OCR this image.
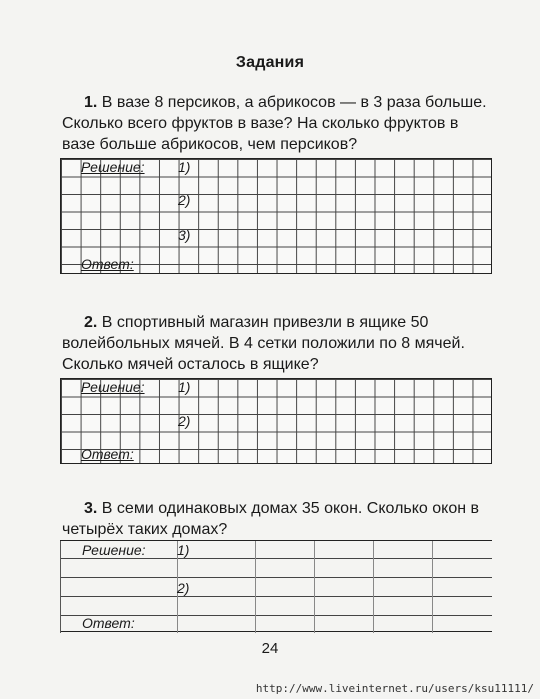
Задания
1. В вазе 8 персиков, а абрикосов — в 3 раза больше. Сколько всего фруктов в вазе? На сколько фруктов в вазе больше абрикосов, чем персиков?
Решение: 1)
2)
3)
Ответ:
2. В спортивный магазин привезли в ящике 50 волейбольных мячей. В 4 сетки положили по 8 мячей. Сколько мячей осталось в ящике?
Решение: 1)
2)
Ответ:
3. В семи одинаковых домах 35 окон. Сколько окон в четырёх таких домах?
Решение: 1)
2)
Ответ:
24
http://www.liveinternet.ru/users/ksu11111/
